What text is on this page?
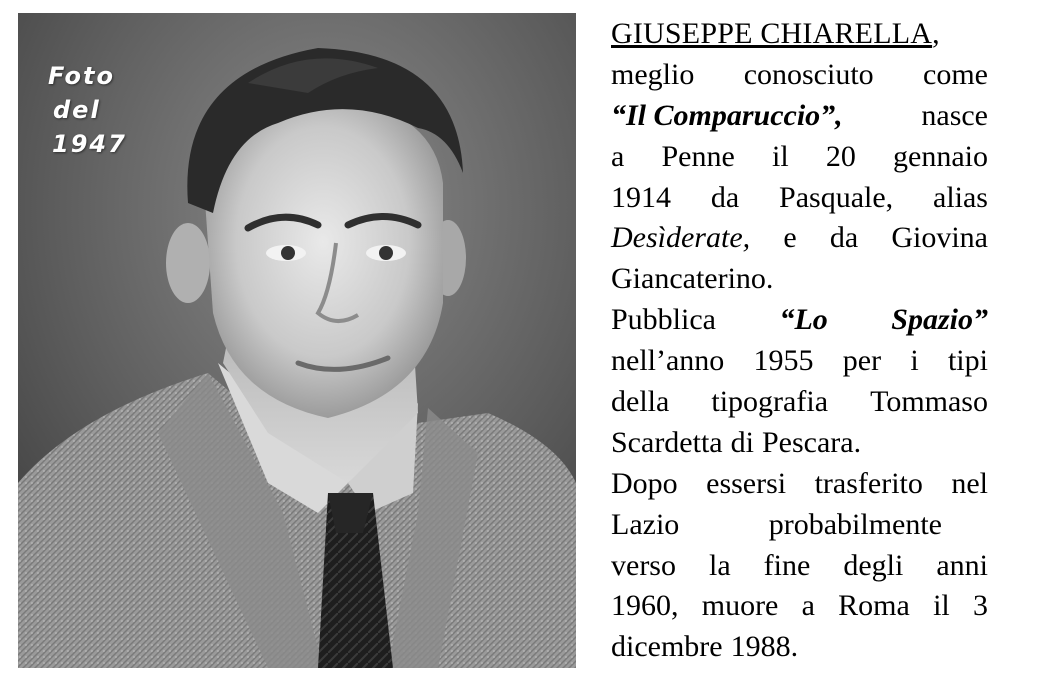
Foto
del
1947
GIUSEPPE CHIARELLA ,
meglio conosciuto come
“Il Comparuccio”,	nasce
a Penne il 20 gennaio
1914 da Pasquale, alias
Desìderate, e da Giovina
Giancaterino.
Pubblica “Lo Spazio”
nell’anno 1955 per i tipi
della tipografia Tommaso
Scardetta di Pescara.
Dopo essersi trasferito nel
Lazio	probabilmente
verso la fine degli anni
1960, muore a Roma il 3
dicembre 1988.
